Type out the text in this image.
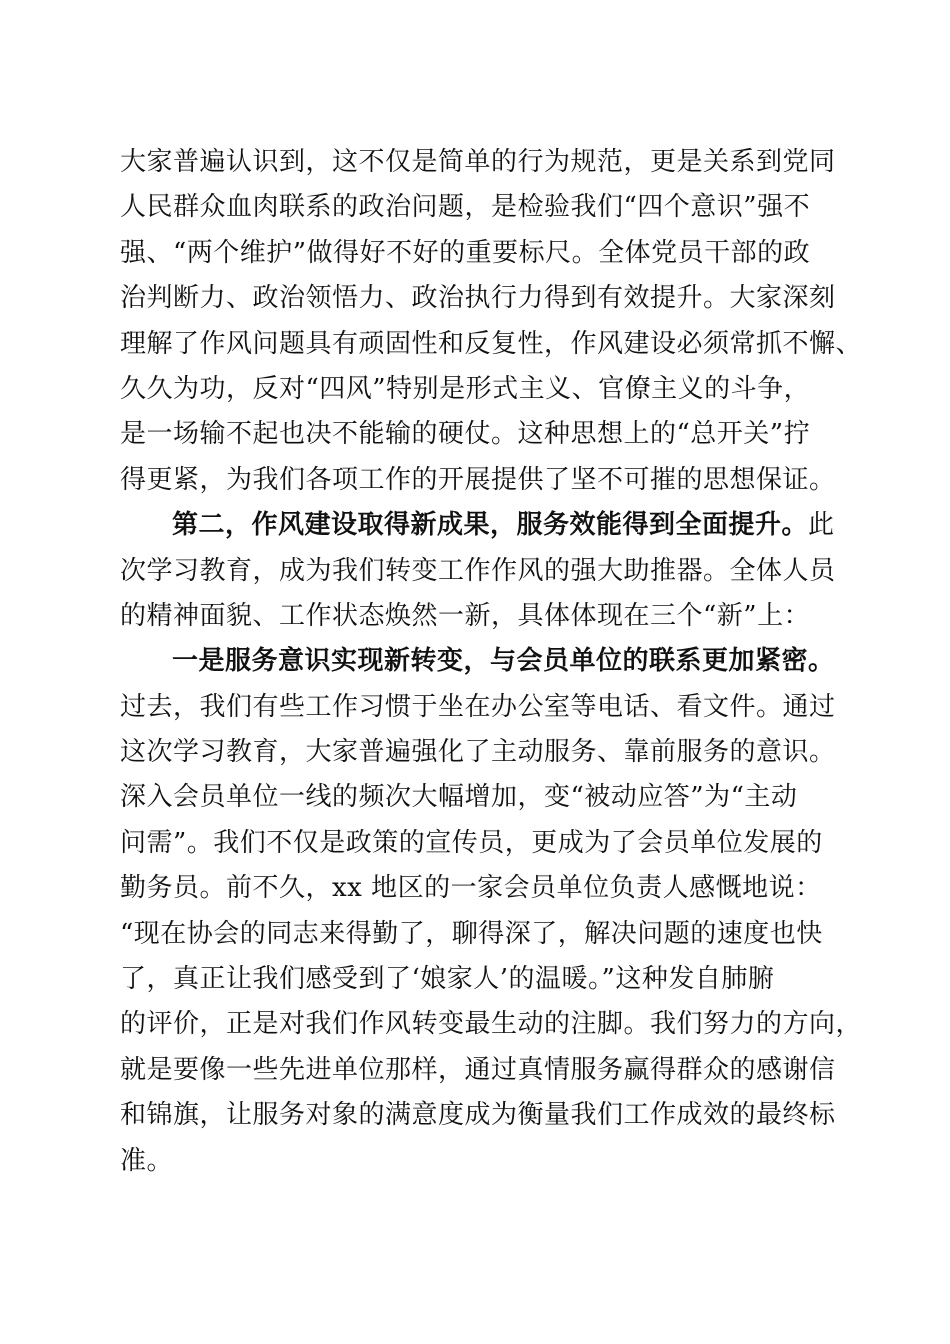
大家普遍认识到，这不仅是简单的行为规范，更是关系到党同
人民群众血肉联系的政治问题，是检验我们“四个意识”强不
强、“两个维护”做得好不好的重要标尺。全体党员干部的政
治判断力、政治领悟力、政治执行力得到有效提升。大家深刻
理解了作风问题具有顽固性和反复性，作风建设必须常抓不懈、
久久为功，反对“四风”特别是形式主义、官僚主义的斗争，
是一场输不起也决不能输的硬仗。这种思想上的“总开关”拧
得更紧，为我们各项工作的开展提供了坚不可摧的思想保证。
第二，作风建设取得新成果，服务效能得到全面提升。此
次学习教育，成为我们转变工作作风的强大助推器。全体人员
的精神面貌、工作状态焕然一新，具体体现在三个“新”上：
一是服务意识实现新转变，与会员单位的联系更加紧密。
过去，我们有些工作习惯于坐在办公室等电话、看文件。通过
这次学习教育，大家普遍强化了主动服务、靠前服务的意识。
深入会员单位一线的频次大幅增加，变“被动应答”为“主动
问需”。我们不仅是政策的宣传员，更成为了会员单位发展的
勤务员。前不久，xx 地区的一家会员单位负责人感慨地说：
“现在协会的同志来得勤了，聊得深了，解决问题的速度也快
了，真正让我们感受到了‘娘家人’的温暖。”这种发自肺腑
的评价，正是对我们作风转变最生动的注脚。我们努力的方向，
就是要像一些先进单位那样，通过真情服务赢得群众的感谢信
和锦旗，让服务对象的满意度成为衡量我们工作成效的最终标
准。
